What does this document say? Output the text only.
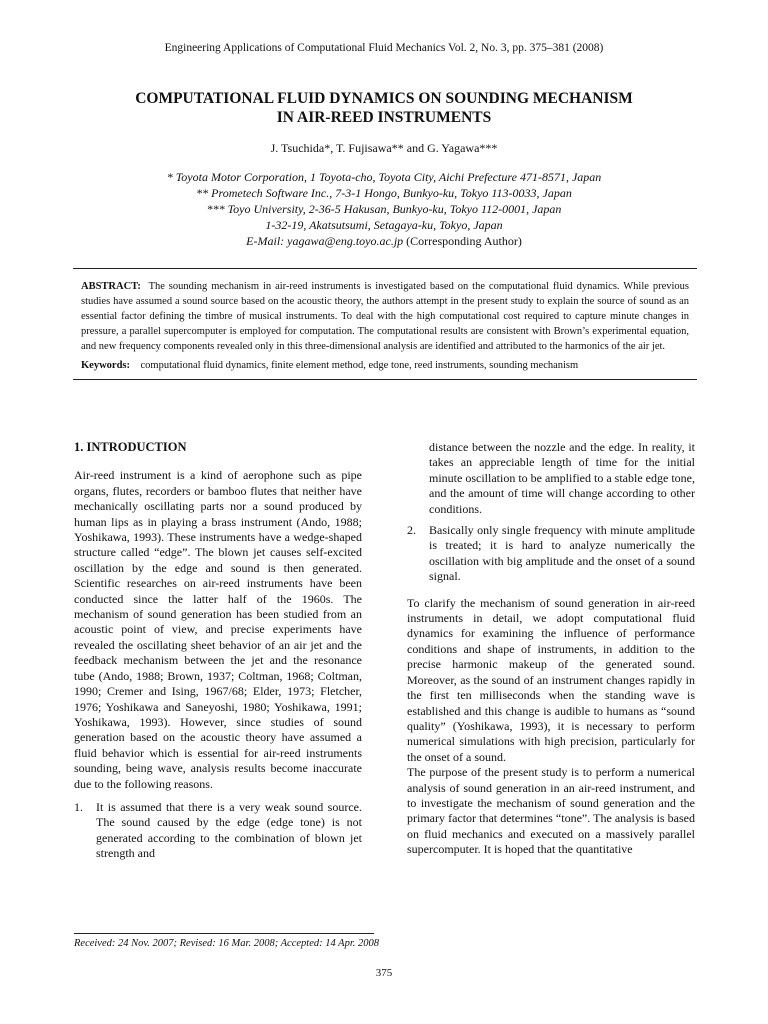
Engineering Applications of Computational Fluid Mechanics Vol. 2, No. 3, pp. 375–381 (2008)
COMPUTATIONAL FLUID DYNAMICS ON SOUNDING MECHANISM
IN AIR-REED INSTRUMENTS
J. Tsuchida*, T. Fujisawa** and G. Yagawa***
* Toyota Motor Corporation, 1 Toyota-cho, Toyota City, Aichi Prefecture 471-8571, Japan
** Prometech Software Inc., 7-3-1 Hongo, Bunkyo-ku, Tokyo 113-0033, Japan
*** Toyo University, 2-36-5 Hakusan, Bunkyo-ku, Tokyo 112-0001, Japan
1-32-19, Akatsutsumi, Setagaya-ku, Tokyo, Japan
E-Mail: yagawa@eng.toyo.ac.jp (Corresponding Author)

ABSTRACT: The sounding mechanism in air-reed instruments is investigated based on the computational fluid dynamics. While previous studies have assumed a sound source based on the acoustic theory, the authors attempt in the present study to explain the source of sound as an essential factor defining the timbre of musical instruments. To deal with the high computational cost required to capture minute changes in pressure, a parallel supercomputer is employed for computation. The computational results are consistent with Brown’s experimental equation, and new frequency components revealed only in this three-dimensional analysis are identified and attributed to the harmonics of the air jet.

Keywords: computational fluid dynamics, finite element method, edge tone, reed instruments, sounding mechanism

1. INTRODUCTION

Air-reed instrument is a kind of aerophone such as pipe organs, flutes, recorders or bamboo flutes that neither have mechanically oscillating parts nor a sound produced by human lips as in playing a brass instrument (Ando, 1988; Yoshikawa, 1993). These instruments have a wedge-shaped structure called “edge”. The blown jet causes self-excited oscillation by the edge and sound is then generated. Scientific researches on air-reed instruments have been conducted since the latter half of the 1960s. The mechanism of sound generation has been studied from an acoustic point of view, and precise experiments have revealed the oscillating sheet behavior of an air jet and the feedback mechanism between the jet and the resonance tube (Ando, 1988; Brown, 1937; Coltman, 1968; Coltman, 1990; Cremer and Ising, 1967/68; Elder, 1973; Fletcher, 1976; Yoshikawa and Saneyoshi, 1980; Yoshikawa, 1991; Yoshikawa, 1993). However, since studies of sound generation based on the acoustic theory have assumed a fluid behavior which is essential for air-reed instruments sounding, being wave, analysis results become inaccurate due to the following reasons.

1.	It is assumed that there is a very weak sound source. The sound caused by the edge (edge tone) is not generated according to the combination of blown jet strength and
distance between the nozzle and the edge. In reality, it takes an appreciable length of time for the initial minute oscillation to be amplified to a stable edge tone, and the amount of time will change according to other conditions.
2.	Basically only single frequency with minute amplitude is treated; it is hard to analyze numerically the oscillation with big amplitude and the onset of a sound signal.

To clarify the mechanism of sound generation in air-reed instruments in detail, we adopt computational fluid dynamics for examining the influence of performance conditions and shape of instruments, in addition to the precise harmonic makeup of the generated sound. Moreover, as the sound of an instrument changes rapidly in the first ten milliseconds when the standing wave is established and this change is audible to humans as “sound quality” (Yoshikawa, 1993), it is necessary to perform numerical simulations with high precision, particularly for the onset of a sound.

The purpose of the present study is to perform a numerical analysis of sound generation in an air-reed instrument, and to investigate the mechanism of sound generation and the primary factor that determines “tone”. The analysis is based on fluid mechanics and executed on a massively parallel supercomputer. It is hoped that the quantitative

Received: 24 Nov. 2007; Revised: 16 Mar. 2008; Accepted: 14 Apr. 2008
375
